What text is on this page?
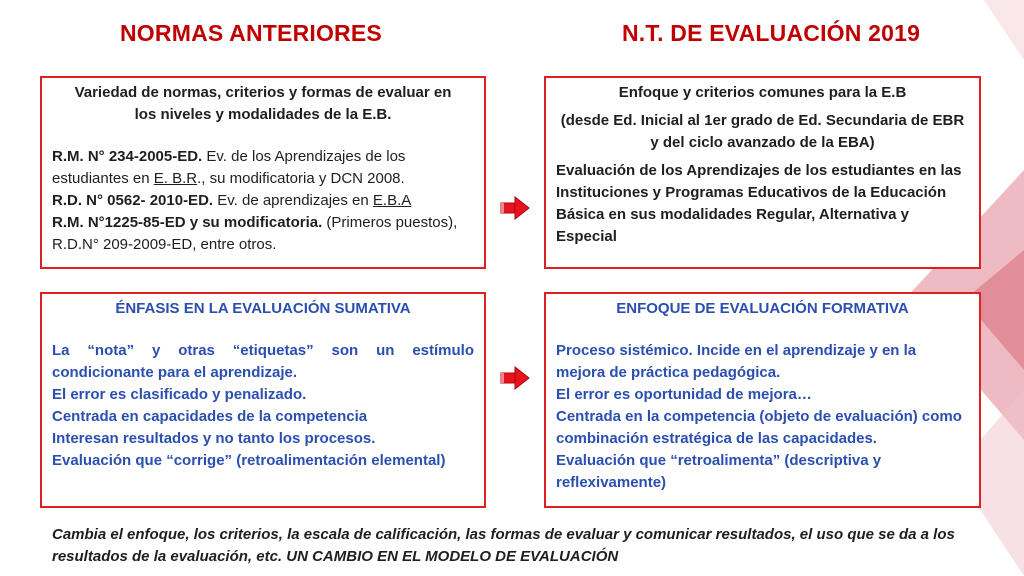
NORMAS ANTERIORES	N.T. DE EVALUACIÓN 2019

Variedad de normas, criterios y formas de evaluar en

los niveles y modalidades de la E.B.

R.M. N° 234-2005-ED. Ev. de los Aprendizajes de los estudiantes en E. B.R., su modificatoria y DCN 2008.

R.D. N° 0562- 2010-ED. Ev. de aprendizajes en E.B.A

R.M. N°1225-85-ED y su modificatoria. (Primeros puestos), R.D.N° 209-2009-ED, entre otros.

Enfoque y criterios comunes para la E.B

(desde Ed. Inicial al 1er grado de Ed. Secundaria de EBR y del ciclo avanzado de la EBA)

Evaluación de los Aprendizajes de los estudiantes en las Instituciones y Programas Educativos de la Educación Básica en sus modalidades Regular, Alternativa y Especial

ÉNFASIS EN LA EVALUACIÓN SUMATIVA

La “nota” y otras “etiquetas” son un estímulo condicionante para el aprendizaje.

El error es clasificado y penalizado.

Centrada en capacidades de la competencia

Interesan resultados y no tanto los procesos.

Evaluación que “corrige” (retroalimentación elemental)

ENFOQUE DE EVALUACIÓN FORMATIVA

Proceso sistémico. Incide en el aprendizaje y en la mejora de práctica pedagógica.

El error es oportunidad de mejora…

Centrada en la competencia (objeto de evaluación) como combinación estratégica de las capacidades.

Evaluación que “retroalimenta” (descriptiva y reflexivamente)

Cambia el enfoque, los criterios, la escala de calificación, las formas de evaluar y comunicar resultados, el uso que se da a los resultados de la evaluación, etc. UN CAMBIO EN EL MODELO DE EVALUACIÓN
